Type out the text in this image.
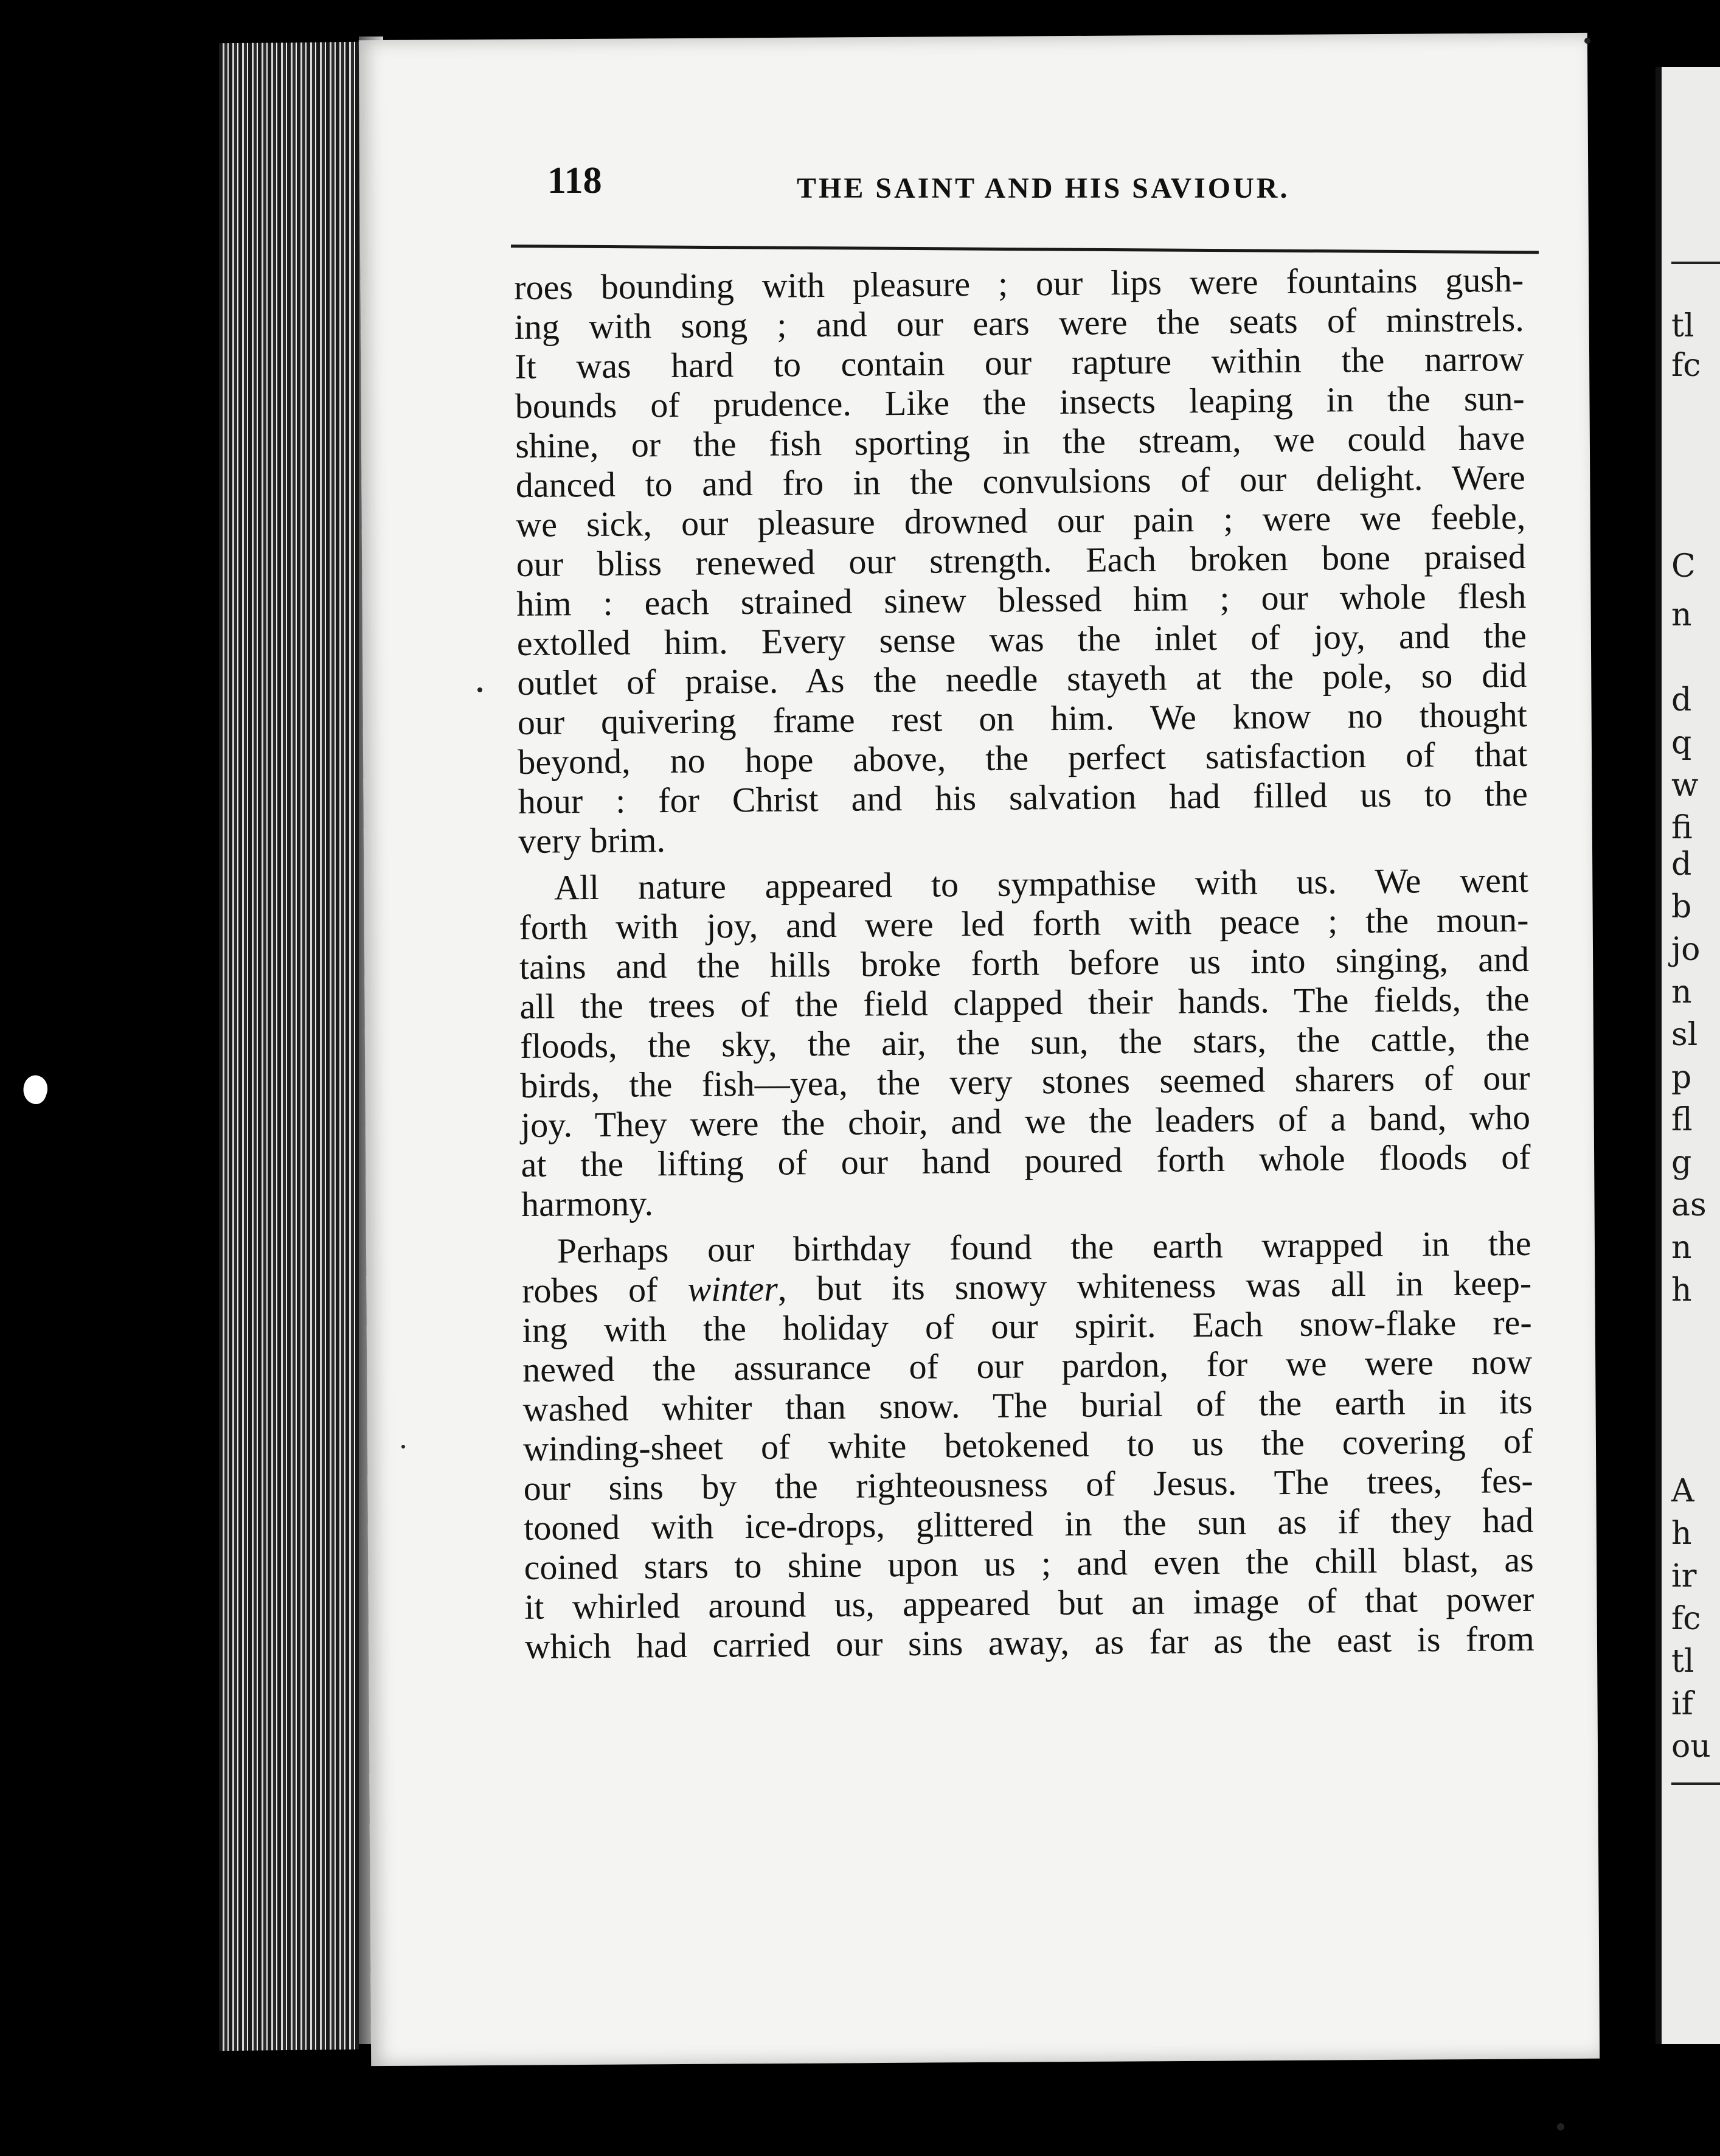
118	THE SAINT AND HIS SAVIOUR.
roes bounding with pleasure ; our lips were fountains gush-
ing with song ; and our ears were the seats of minstrels.
It was hard to contain our rapture within the narrow
bounds of prudence. Like the insects leaping in the sun-
shine, or the fish sporting in the stream, we could have
danced to and fro in the convulsions of our delight. Were
we sick, our pleasure drowned our pain ; were we feeble,
our bliss renewed our strength. Each broken bone praised
him : each strained sinew blessed him ; our whole flesh
extolled him. Every sense was the inlet of joy, and the
outlet of praise. As the needle stayeth at the pole, so did
our quivering frame rest on him. We know no thought
beyond, no hope above, the perfect satisfaction of that
hour : for Christ and his salvation had filled us to the
very brim.
All nature appeared to sympathise with us. We went
forth with joy, and were led forth with peace ; the moun-
tains and the hills broke forth before us into singing, and
all the trees of the field clapped their hands. The fields, the
floods, the sky, the air, the sun, the stars, the cattle, the
birds, the fish—yea, the very stones seemed sharers of our
joy. They were the choir, and we the leaders of a band, who
at the lifting of our hand poured forth whole floods of
harmony.
Perhaps our birthday found the earth wrapped in the
robes of winter, but its snowy whiteness was all in keep-
ing with the holiday of our spirit. Each snow-flake re-
newed the assurance of our pardon, for we were now
washed whiter than snow. The burial of the earth in its
winding-sheet of white betokened to us the covering of
our sins by the righteousness of Jesus. The trees, fes-
tooned with ice-drops, glittered in the sun as if they had
coined stars to shine upon us ; and even the chill blast, as
it whirled around us, appeared but an image of that power
which had carried our sins away, as far as the east is from
tl
fc
C
n
d
q
w
fi
d
b
jo
n
sl
p
fl
g
as
n
h
A
h
ir
fc
tl
if
ou
